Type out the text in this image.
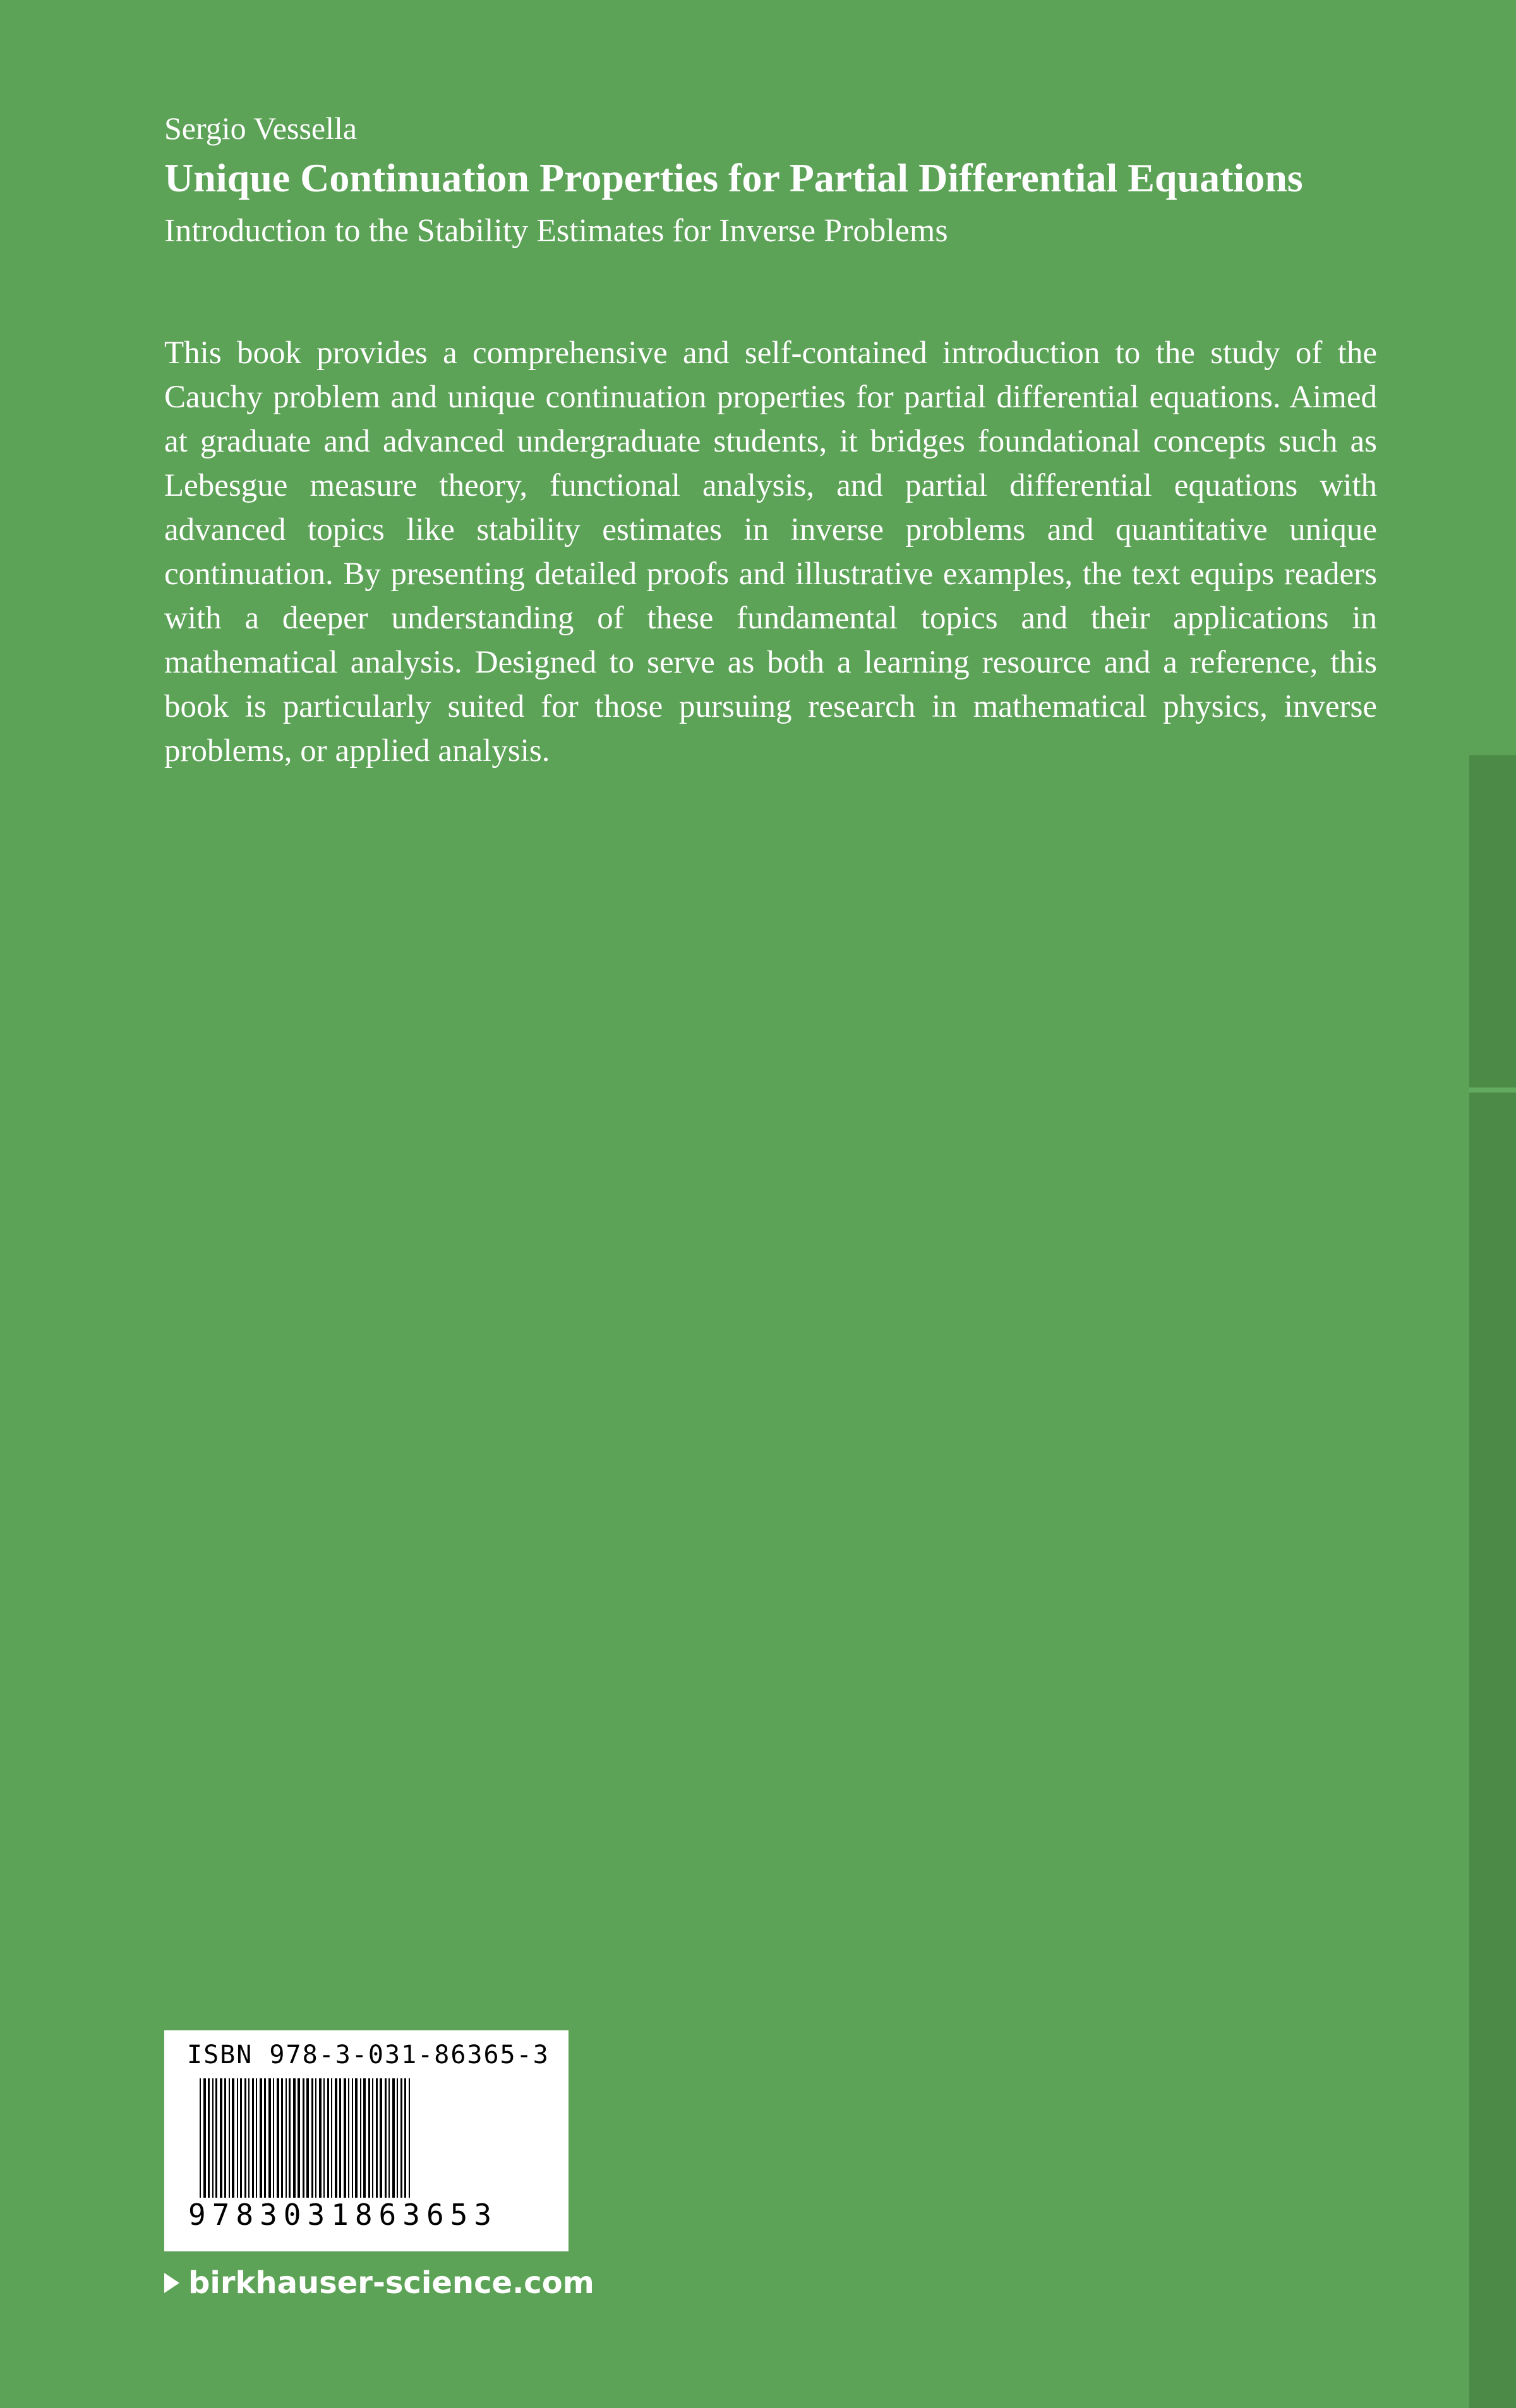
Sergio Vessella

Unique Continuation Properties for Partial Differential Equations

Introduction to the Stability Estimates for Inverse Problems

This book provides a comprehensive and self-contained introduction to the study of the Cauchy problem and unique continuation properties for partial differential equations. Aimed at graduate and advanced undergraduate students, it bridges foundational concepts such as Lebesgue measure theory, functional analysis, and partial differential equations with advanced topics like stability estimates in inverse problems and quantitative unique continuation. By presenting detailed proofs and illustrative examples, the text equips readers with a deeper understanding of these fundamental topics and their applications in mathematical analysis. Designed to serve as both a learning resource and a reference, this book is particularly suited for those pursuing research in mathematical physics, inverse problems, or applied analysis.

ISBN 978-3-031-86365-3
9783031863653
birkhauser-science.com
